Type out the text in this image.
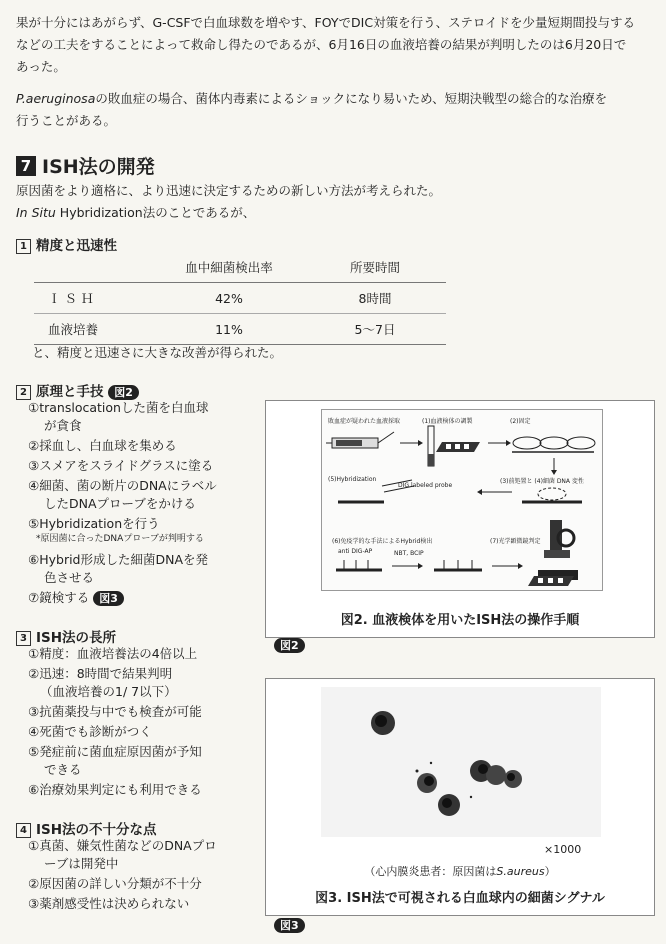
果が十分にはあがらず、G-CSFで白血球数を増やす、FOYでDIC対策を行う、ステロイドを少量短期間投与する

などの工夫をすることによって救命し得たのであるが、6月16日の血液培養の結果が判明したのは6月20日で

あった。

P.aeruginosaの敗血症の場合、菌体内毒素によるショックになり易いため、短期決戦型の総合的な治療を

行うことがある。

7 ISH法の開発

原因菌をより適格に、より迅速に決定するための新しい方法が考えられた。

In Situ Hybridization法のことであるが、

1 精度と迅速性
	血中細菌検出率	所要時間
ＩＳＨ	42%	8時間
血液培養	11%	5〜7日

と、精度と迅速さに大きな改善が得られた。

2 原理と手技 図2
①translocationした菌を白血球
が貪食
②採血し、白血球を集める
③スメアをスライドグラスに塗る
④細菌、菌の断片のDNAにラベル
したDNAプローブをかける
⑤Hybridizationを行う
*原因菌に合ったDNAプローブが判明する
⑥Hybrid形成した細菌DNAを発
色させる
⑦鏡検する 図3
3 ISH法の長所
①精度：血液培養法の4倍以上
②迅速：8時間で結果判明
（血液培養の1/ 7以下）
③抗菌薬投与中でも検査が可能
④死菌でも診断がつく
⑤発症前に菌血症原因菌が予知
できる
⑥治療効果判定にも利用できる
4 ISH法の不十分な点
①真菌、嫌気性菌などのDNAプロ
ーブは開発中
②原因菌の詳しい分類が不十分
③薬剤感受性は決められない
敗血症が疑われた血液採取	(1)血液検体の調製	(2)固定
(3)前処置と (4)細菌 DNA 変性
(5)Hybridization
DIG labeled probe
(6)免疫学的な手法によるHybrid検出
anti DIG-AP	NBT, BCIP
(7)光学顕微鏡判定
図2. 血液検体を用いたISH法の操作手順
図2
×1000
（心内膜炎患者：原因菌はS.aureus）
図3. ISH法で可視される白血球内の細菌シグナル
図3
